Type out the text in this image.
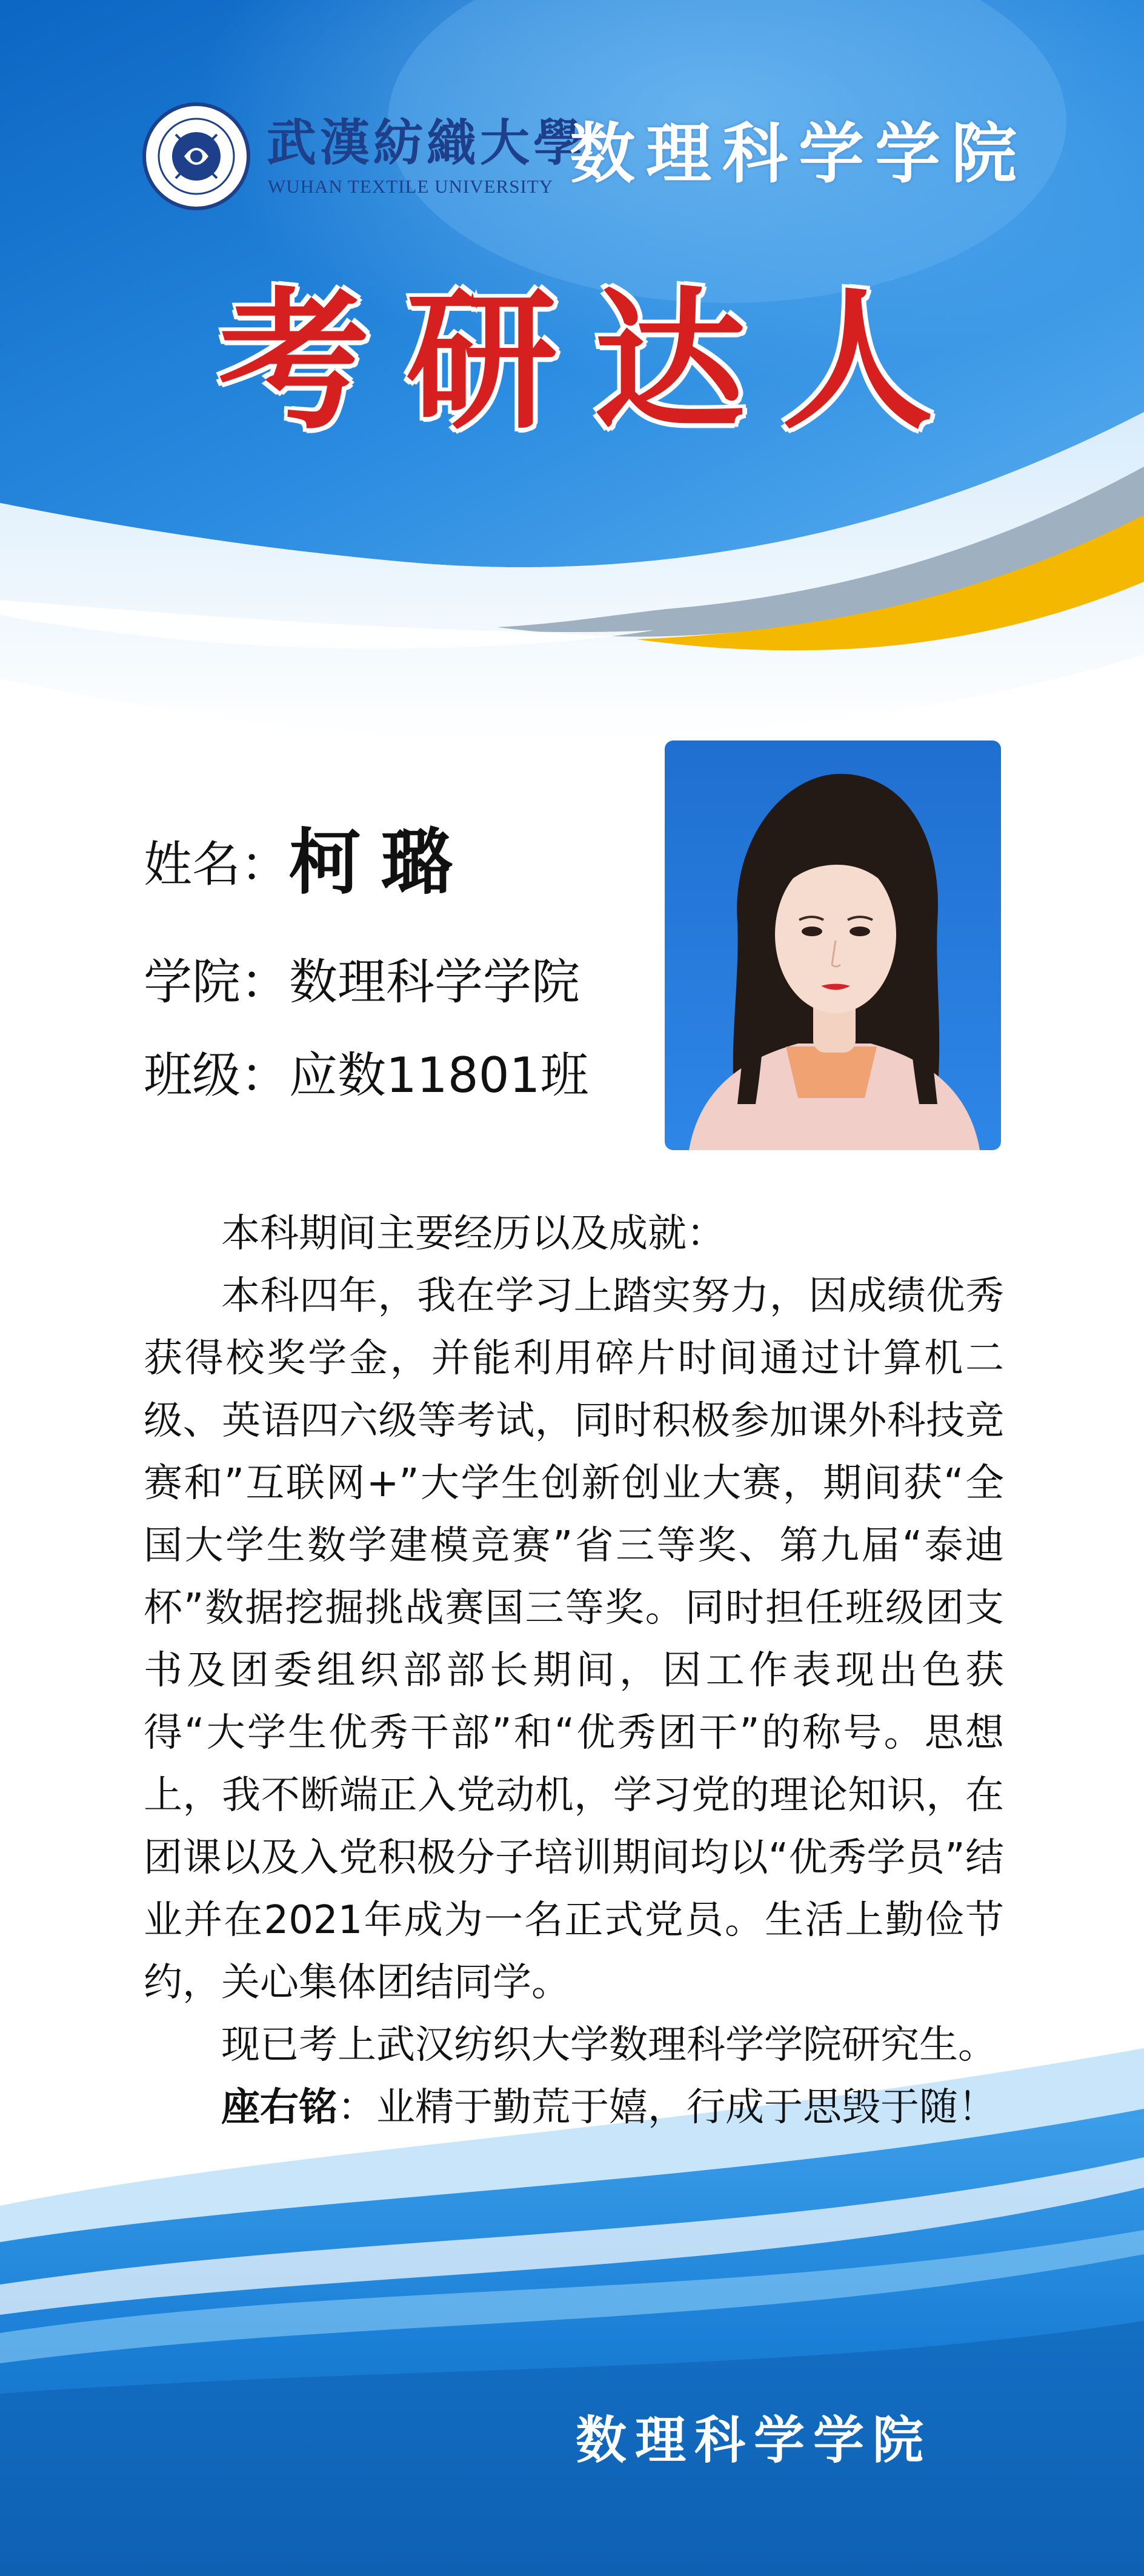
武漢紡織大學
WUHAN TEXTILE UNIVERSITY 数理科学学院
考研达人
姓名：柯璐
学院：数理科学学院
班级：应数11801班

本科期间主要经历以及成就：

本科四年，我在学习上踏实努力，因成绩优秀获得校奖学金，并能利用碎片时间通过计算机二级、英语四六级等考试，同时积极参加课外科技竞赛和”互联网+”大学生创新创业大赛，期间获“全国大学生数学建模竞赛”省三等奖、第九届“泰迪杯”数据挖掘挑战赛国三等奖。同时担任班级团支书及团委组织部部长期间，因工作表现出色获得“大学生优秀干部”和“优秀团干”的称号。思想上，我不断端正入党动机，学习党的理论知识，在团课以及入党积极分子培训期间均以“优秀学员”结业并在2021年成为一名正式党员。生活上勤俭节约，关心集体团结同学。

现已考上武汉纺织大学数理科学学院研究生。

座右铭：业精于勤荒于嬉，行成于思毁于随！

数理科学学院
